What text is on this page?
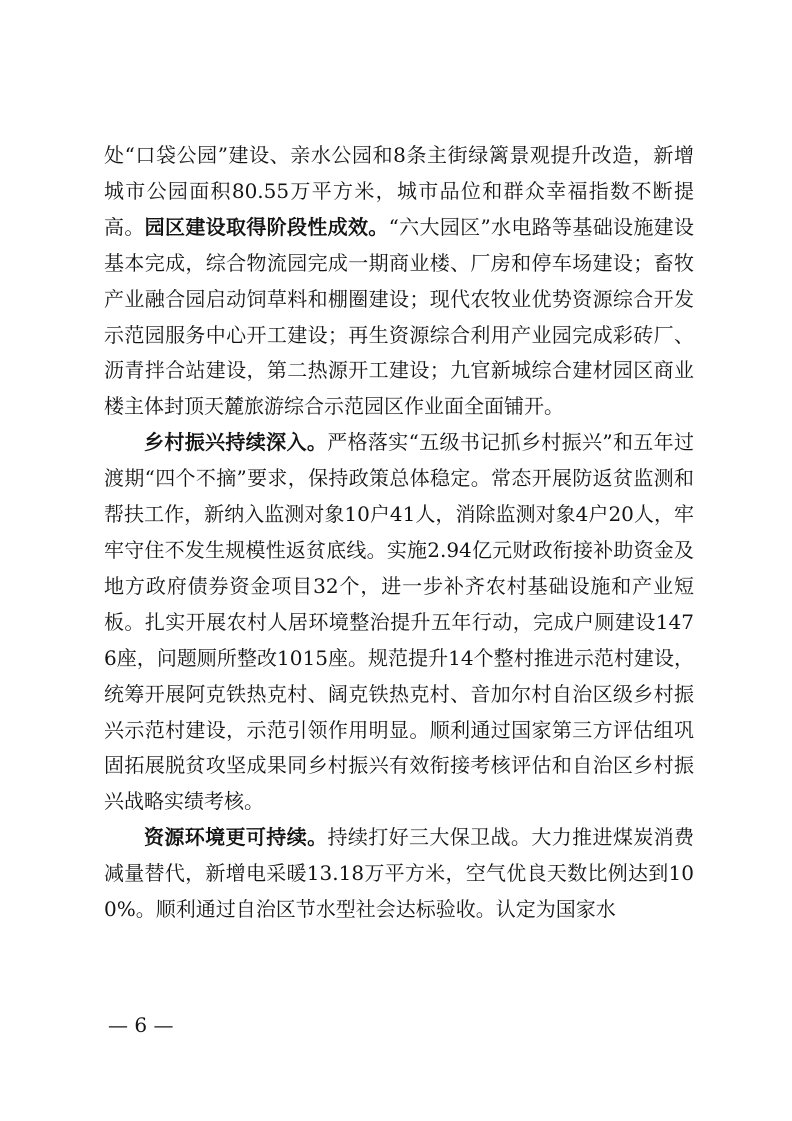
处“口袋公园”建设、亲水公园和8条主街绿篱景观提升改造，新增城市公园面积80.55万平方米，城市品位和群众幸福指数不断提高。园区建设取得阶段性成效。“六大园区”水电路等基础设施建设基本完成，综合物流园完成一期商业楼、厂房和停车场建设；畜牧产业融合园启动饲草料和棚圈建设；现代农牧业优势资源综合开发示范园服务中心开工建设；再生资源综合利用产业园完成彩砖厂、沥青拌合站建设，第二热源开工建设；九官新城综合建材园区商业楼主体封顶天麓旅游综合示范园区作业面全面铺开。

乡村振兴持续深入。严格落实“五级书记抓乡村振兴”和五年过渡期“四个不摘”要求，保持政策总体稳定。常态开展防返贫监测和帮扶工作，新纳入监测对象10户41人，消除监测对象4户20人，牢牢守住不发生规模性返贫底线。实施2.94亿元财政衔接补助资金及地方政府债券资金项目32个，进一步补齐农村基础设施和产业短板。扎实开展农村人居环境整治提升五年行动，完成户厕建设1476座，问题厕所整改1015座。规范提升14个整村推进示范村建设，统筹开展阿克铁热克村、阔克铁热克村、音加尔村自治区级乡村振兴示范村建设，示范引领作用明显。顺利通过国家第三方评估组巩固拓展脱贫攻坚成果同乡村振兴有效衔接考核评估和自治区乡村振兴战略实绩考核。

资源环境更可持续。持续打好三大保卫战。大力推进煤炭消费减量替代，新增电采暖13.18万平方米，空气优良天数比例达到100%。顺利通过自治区节水型社会达标验收。认定为国家水

— 6 —
